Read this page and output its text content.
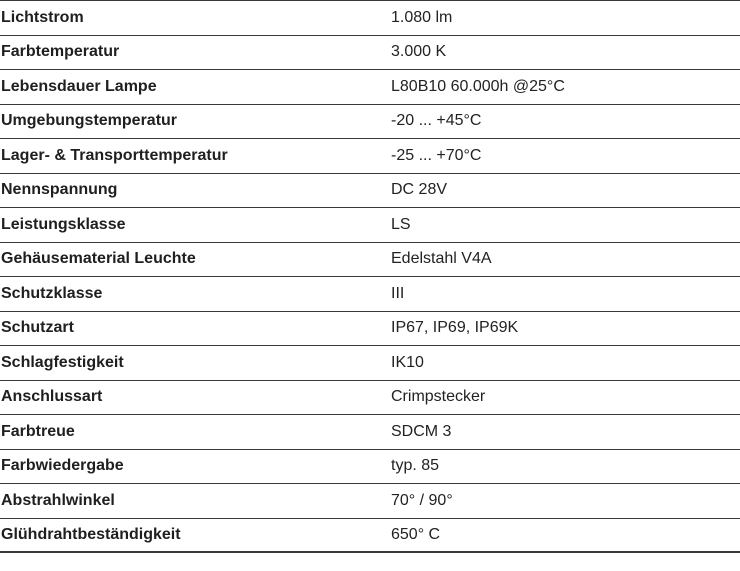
Lichtstrom	1.080 lm
Farbtemperatur	3.000 K
Lebensdauer Lampe	L80B10 60.000h @25°C
Umgebungstemperatur	-20 ... +45°C
Lager- & Transporttemperatur	-25 ... +70°C
Nennspannung	DC 28V
Leistungsklasse	LS
Gehäusematerial Leuchte	Edelstahl V4A
Schutzklasse	III
Schutzart	IP67, IP69, IP69K
Schlagfestigkeit	IK10
Anschlussart	Crimpstecker
Farbtreue	SDCM 3
Farbwiedergabe	typ. 85
Abstrahlwinkel	70° / 90°
Glühdrahtbeständigkeit	650° C
